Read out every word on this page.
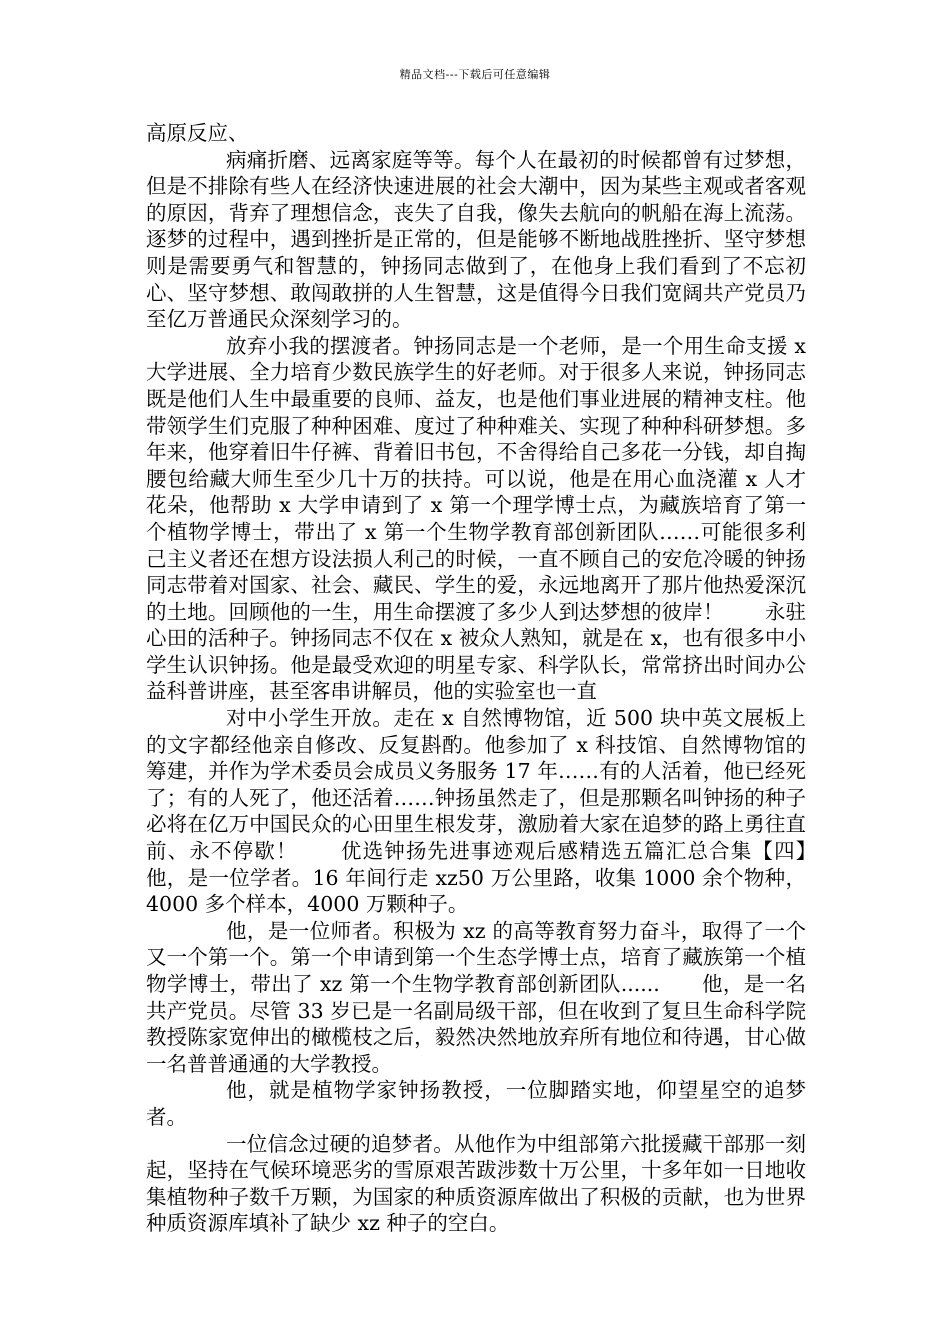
精品文档---下载后可任意编辑

高原反应、

病痛折磨、远离家庭等等。每个人在最初的时候都曾有过梦想，但是不排除有些人在经济快速进展的社会大潮中，因为某些主观或者客观的原因，背弃了理想信念，丧失了自我，像失去航向的帆船在海上流荡。逐梦的过程中，遇到挫折是正常的，但是能够不断地战胜挫折、坚守梦想则是需要勇气和智慧的，钟扬同志做到了，在他身上我们看到了不忘初心、坚守梦想、敢闯敢拼的人生智慧，这是值得今日我们宽阔共产党员乃至亿万普通民众深刻学习的。

放弃小我的摆渡者。钟扬同志是一个老师，是一个用生命支援 x 大学进展、全力培育少数民族学生的好老师。对于很多人来说，钟扬同志既是他们人生中最重要的良师、益友，也是他们事业进展的精神支柱。他带领学生们克服了种种困难、度过了种种难关、实现了种种科研梦想。多年来，他穿着旧牛仔裤、背着旧书包，不舍得给自己多花一分钱，却自掏腰包给藏大师生至少几十万的扶持。可以说，他是在用心血浇灌 x 人才花朵，他帮助 x 大学申请到了 x 第一个理学博士点，为藏族培育了第一个植物学博士，带出了 x 第一个生物学教育部创新团队……可能很多利己主义者还在想方设法损人利己的时候，一直不顾自己的安危冷暖的钟扬同志带着对国家、社会、藏民、学生的爱，永远地离开了那片他热爱深沉的土地。回顾他的一生，用生命摆渡了多少人到达梦想的彼岸！　　永驻心田的活种子。钟扬同志不仅在 x 被众人熟知，就是在 x，也有很多中小学生认识钟扬。他是最受欢迎的明星专家、科学队长，常常挤出时间办公益科普讲座，甚至客串讲解员，他的实验室也一直

对中小学生开放。走在 x 自然博物馆，近 500 块中英文展板上的文字都经他亲自修改、反复斟酌。他参加了 x 科技馆、自然博物馆的筹建，并作为学术委员会成员义务服务 17 年……有的人活着，他已经死了；有的人死了，他还活着……钟扬虽然走了，但是那颗名叫钟扬的种子必将在亿万中国民众的心田里生根发芽，激励着大家在追梦的路上勇往直前、永不停歇！　　优选钟扬先进事迹观后感精选五篇汇总合集【四】　　他，是一位学者。16 年间行走 xz50 万公里路，收集 1000 余个物种，4000 多个样本，4000 万颗种子。

他，是一位师者。积极为 xz 的高等教育努力奋斗，取得了一个又一个第一个。第一个申请到第一个生态学博士点，培育了藏族第一个植物学博士，带出了 xz 第一个生物学教育部创新团队......　　他，是一名共产党员。尽管 33 岁已是一名副局级干部，但在收到了复旦生命科学院教授陈家宽伸出的橄榄枝之后，毅然决然地放弃所有地位和待遇，甘心做一名普普通通的大学教授。

他，就是植物学家钟扬教授，一位脚踏实地，仰望星空的追梦者。

一位信念过硬的追梦者。从他作为中组部第六批援藏干部那一刻起，坚持在气候环境恶劣的雪原艰苦跋涉数十万公里，十多年如一日地收集植物种子数千万颗，为国家的种质资源库做出了积极的贡献，也为世界种质资源库填补了缺少 xz 种子的空白。
